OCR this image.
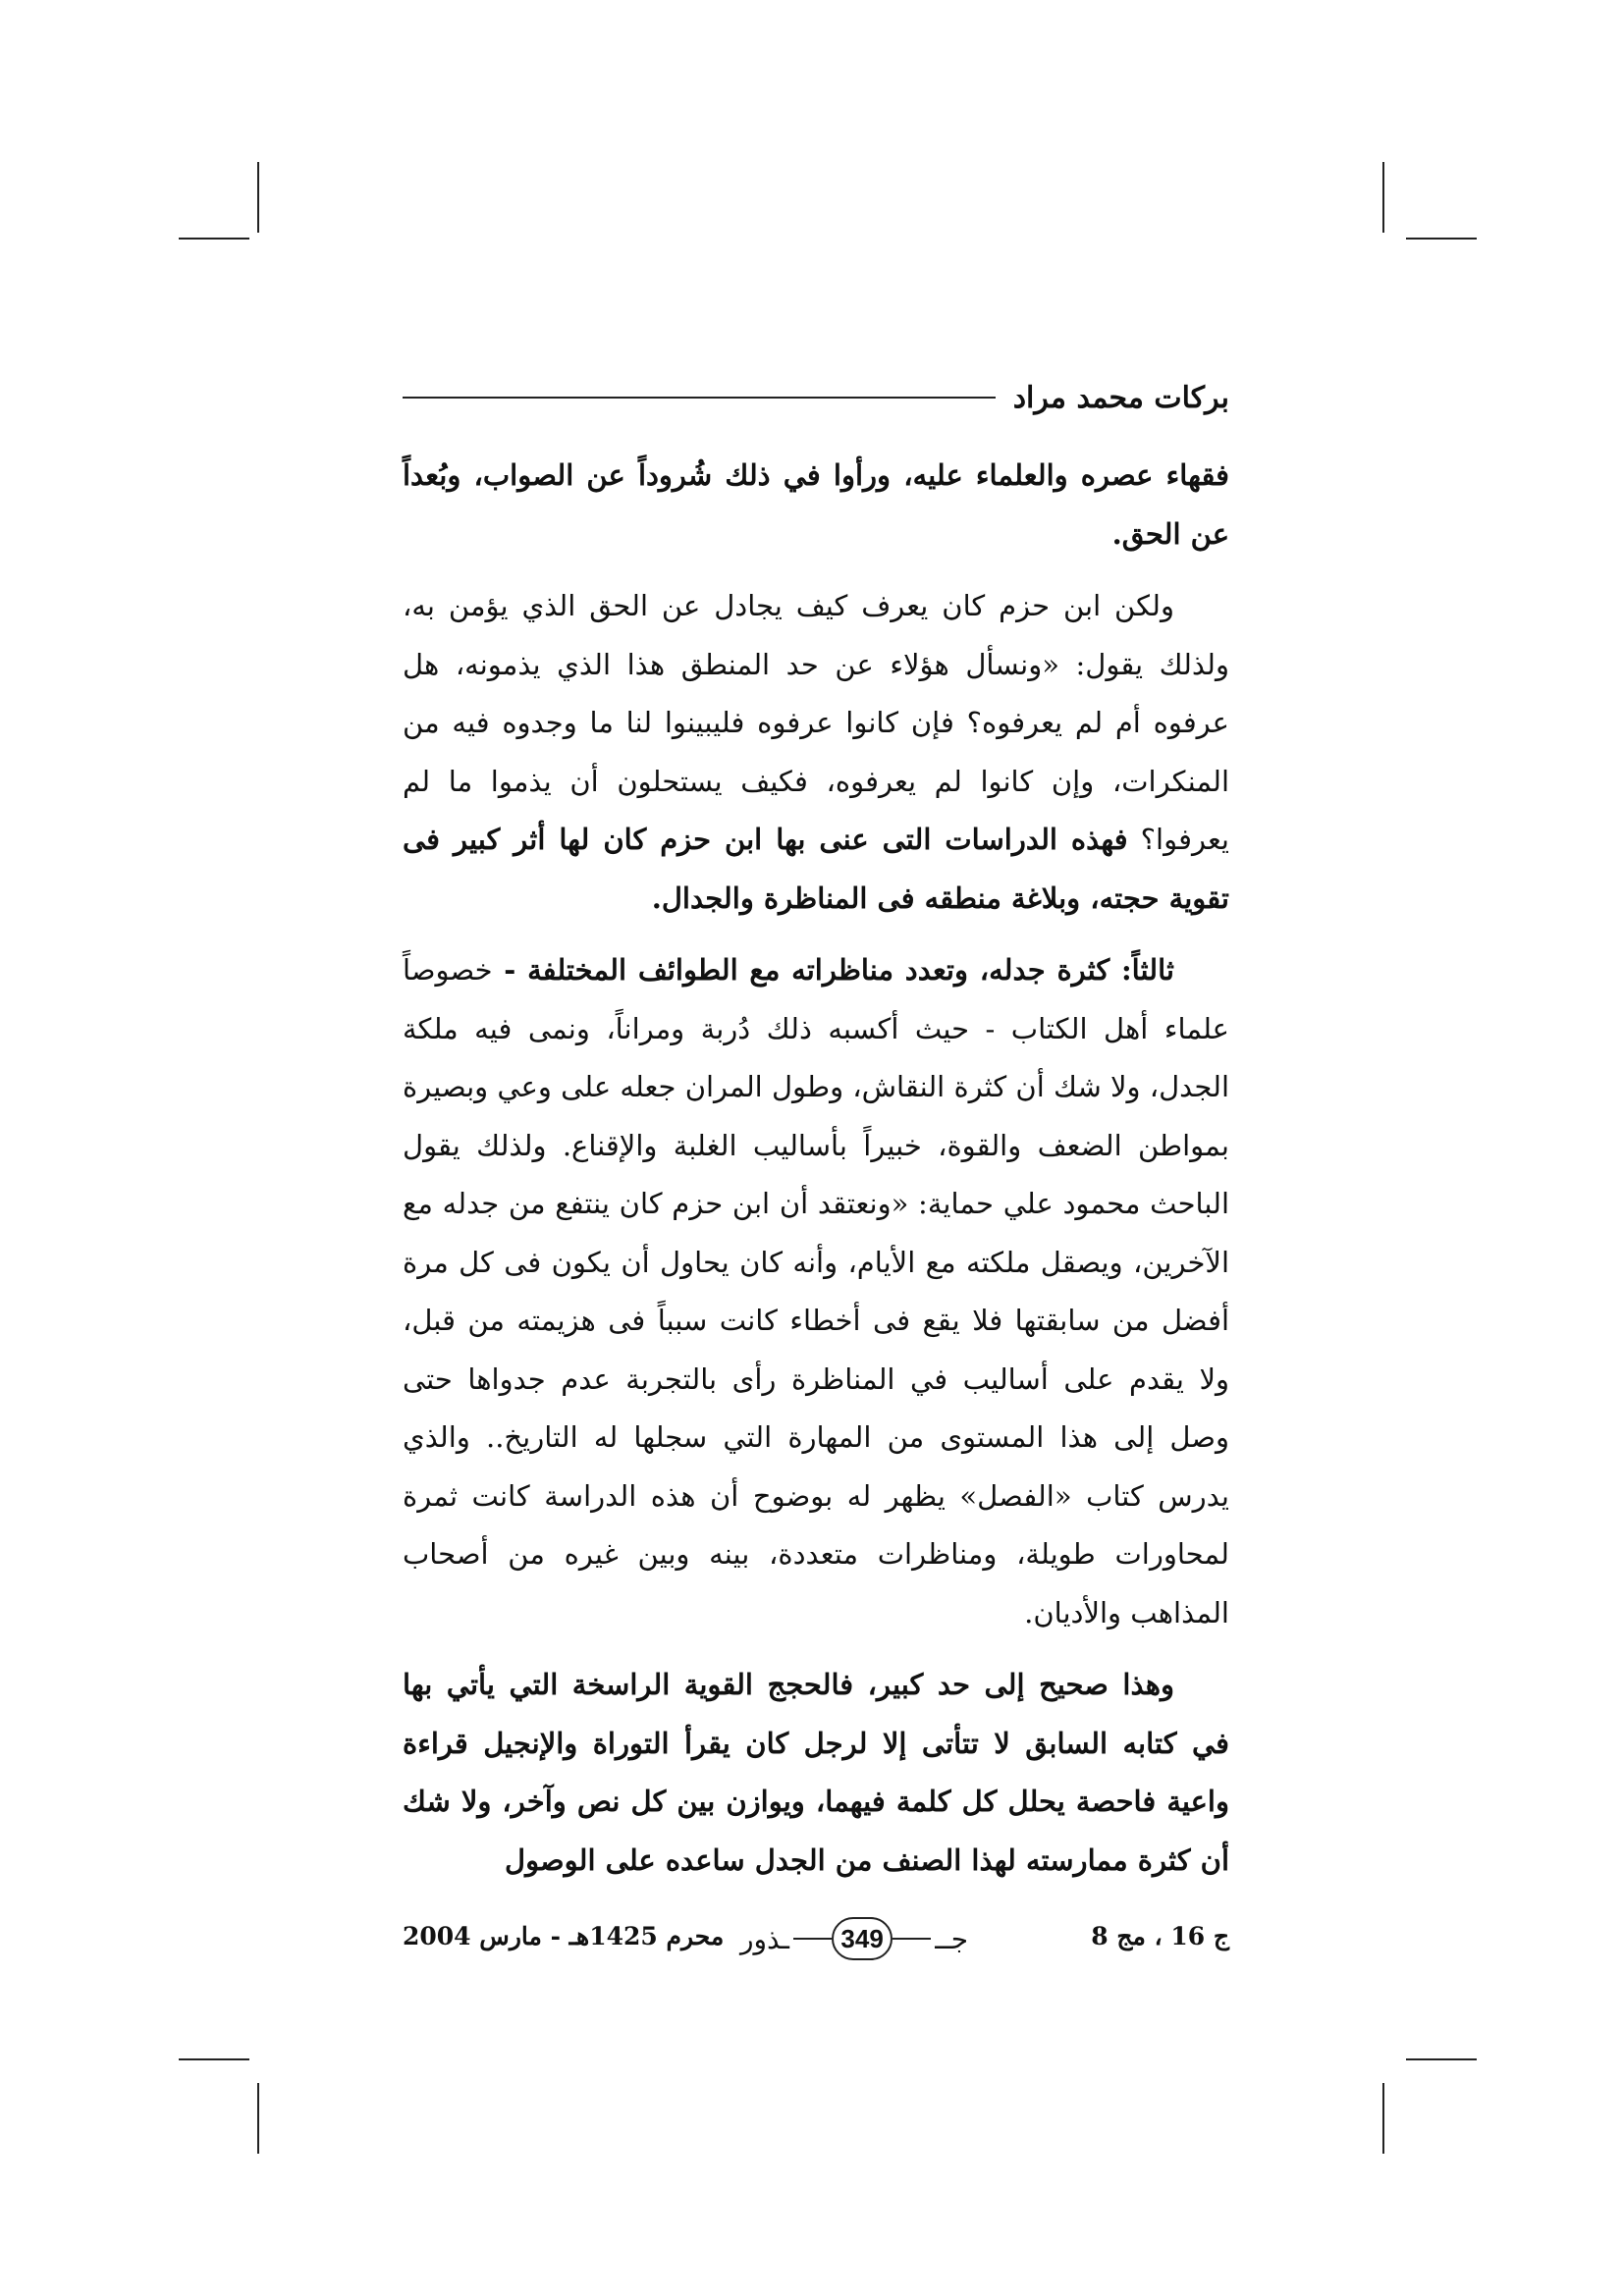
بركات محمد مراد

فقهاء عصره والعلماء عليه، ورأوا في ذلك شُروداً عن الصواب، وبُعداً عن الحق.

ولكن ابن حزم كان يعرف كيف يجادل عن الحق الذي يؤمن به، ولذلك يقول: «ونسأل هؤلاء عن حد المنطق هذا الذي يذمونه، هل عرفوه أم لم يعرفوه؟ فإن كانوا عرفوه فليبينوا لنا ما وجدوه فيه من المنكرات، وإن كانوا لم يعرفوه، فكيف يستحلون أن يذموا ما لم يعرفوا؟ فهذه الدراسات التى عنى بها ابن حزم كان لها أثر كبير فى تقوية حجته، وبلاغة منطقه فى المناظرة والجدال.

ثالثاً: كثرة جدله، وتعدد مناظراته مع الطوائف المختلفة - خصوصاً علماء أهل الكتاب - حيث أكسبه ذلك دُربة ومراناً، ونمى فيه ملكة الجدل، ولا شك أن كثرة النقاش، وطول المران جعله على وعي وبصيرة بمواطن الضعف والقوة، خبيراً بأساليب الغلبة والإقناع. ولذلك يقول الباحث محمود علي حماية: «ونعتقد أن ابن حزم كان ينتفع من جدله مع الآخرين، ويصقل ملكته مع الأيام، وأنه كان يحاول أن يكون فى كل مرة أفضل من سابقتها فلا يقع فى أخطاء كانت سبباً فى هزيمته من قبل، ولا يقدم على أساليب في المناظرة رأى بالتجربة عدم جدواها حتى وصل إلى هذا المستوى من المهارة التي سجلها له التاريخ.. والذي يدرس كتاب «الفصل» يظهر له بوضوح أن هذه الدراسة كانت ثمرة لمحاورات طويلة، ومناظرات متعددة، بينه وبين غيره من أصحاب المذاهب والأديان.

وهذا صحيح إلى حد كبير، فالحجج القوية الراسخة التي يأتي بها في كتابه السابق لا تتأتى إلا لرجل كان يقرأ التوراة والإنجيل قراءة واعية فاحصة يحلل كل كلمة فيهما، ويوازن بين كل نص وآخر، ولا شك أن كثرة ممارسته لهذا الصنف من الجدل ساعده على الوصول

ج 16 ، مج 8
ـذور	349	جــ
محرم 1425هـ - مارس 2004
